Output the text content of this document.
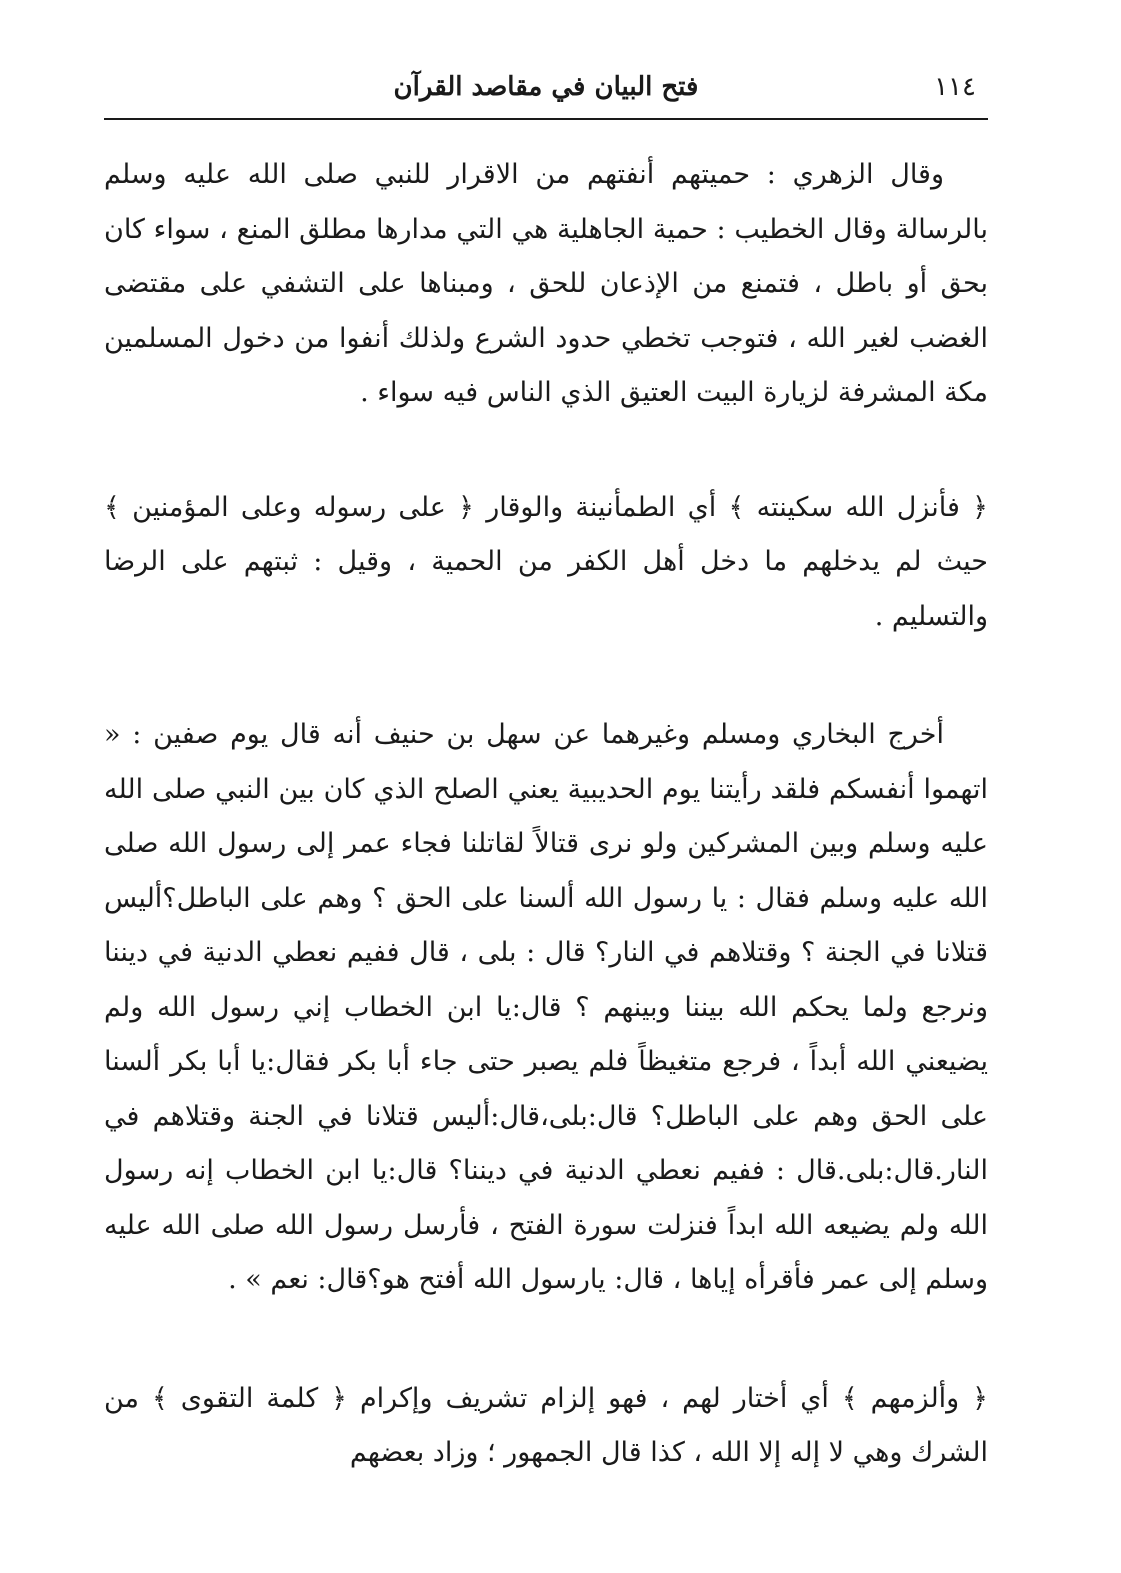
١١٤
فتح البيان في مقاصد القرآن

وقال الزهري : حميتهم أنفتهم من الاقرار للنبي صلى الله عليه وسلم بالرسالة وقال الخطيب : حمية الجاهلية هي التي مدارها مطلق المنع ، سواء كان بحق أو باطل ، فتمنع من الإذعان للحق ، ومبناها على التشفي على مقتضى الغضب لغير الله ، فتوجب تخطي حدود الشرع ولذلك أنفوا من دخول المسلمين مكة المشرفة لزيارة البيت العتيق الذي الناس فيه سواء .

﴿ فأنزل الله سكينته ﴾ أي الطمأنينة والوقار ﴿ على رسوله وعلى المؤمنين ﴾ حيث لم يدخلهم ما دخل أهل الكفر من الحمية ، وقيل : ثبتهم على الرضا والتسليم .

أخرج البخاري ومسلم وغيرهما عن سهل بن حنيف أنه قال يوم صفين : « اتهموا أنفسكم فلقد رأيتنا يوم الحديبية يعني الصلح الذي كان بين النبي صلى الله عليه وسلم وبين المشركين ولو نرى قتالاً لقاتلنا فجاء عمر إلى رسول الله صلى الله عليه وسلم فقال : يا رسول الله ألسنا على الحق ؟ وهم على الباطل؟أليس قتلانا في الجنة ؟ وقتلاهم في النار؟ قال : بلى ، قال ففيم نعطي الدنية في ديننا ونرجع ولما يحكم الله بيننا وبينهم ؟ قال:يا ابن الخطاب إني رسول الله ولم يضيعني الله أبداً ، فرجع متغيظاً فلم يصبر حتى جاء أبا بكر فقال:يا أبا بكر ألسنا على الحق وهم على الباطل؟ قال:بلى،قال:أليس قتلانا في الجنة وقتلاهم في النار.قال:بلى.قال : ففيم نعطي الدنية في ديننا؟ قال:يا ابن الخطاب إنه رسول الله ولم يضيعه الله ابداً فنزلت سورة الفتح ، فأرسل رسول الله صلى الله عليه وسلم إلى عمر فأقرأه إياها ، قال: يارسول الله أفتح هو؟قال: نعم » .

﴿ وألزمهم ﴾ أي أختار لهم ، فهو إلزام تشريف وإكرام ﴿ كلمة التقوى ﴾ من الشرك وهي لا إله إلا الله ، كذا قال الجمهور ؛ وزاد بعضهم
